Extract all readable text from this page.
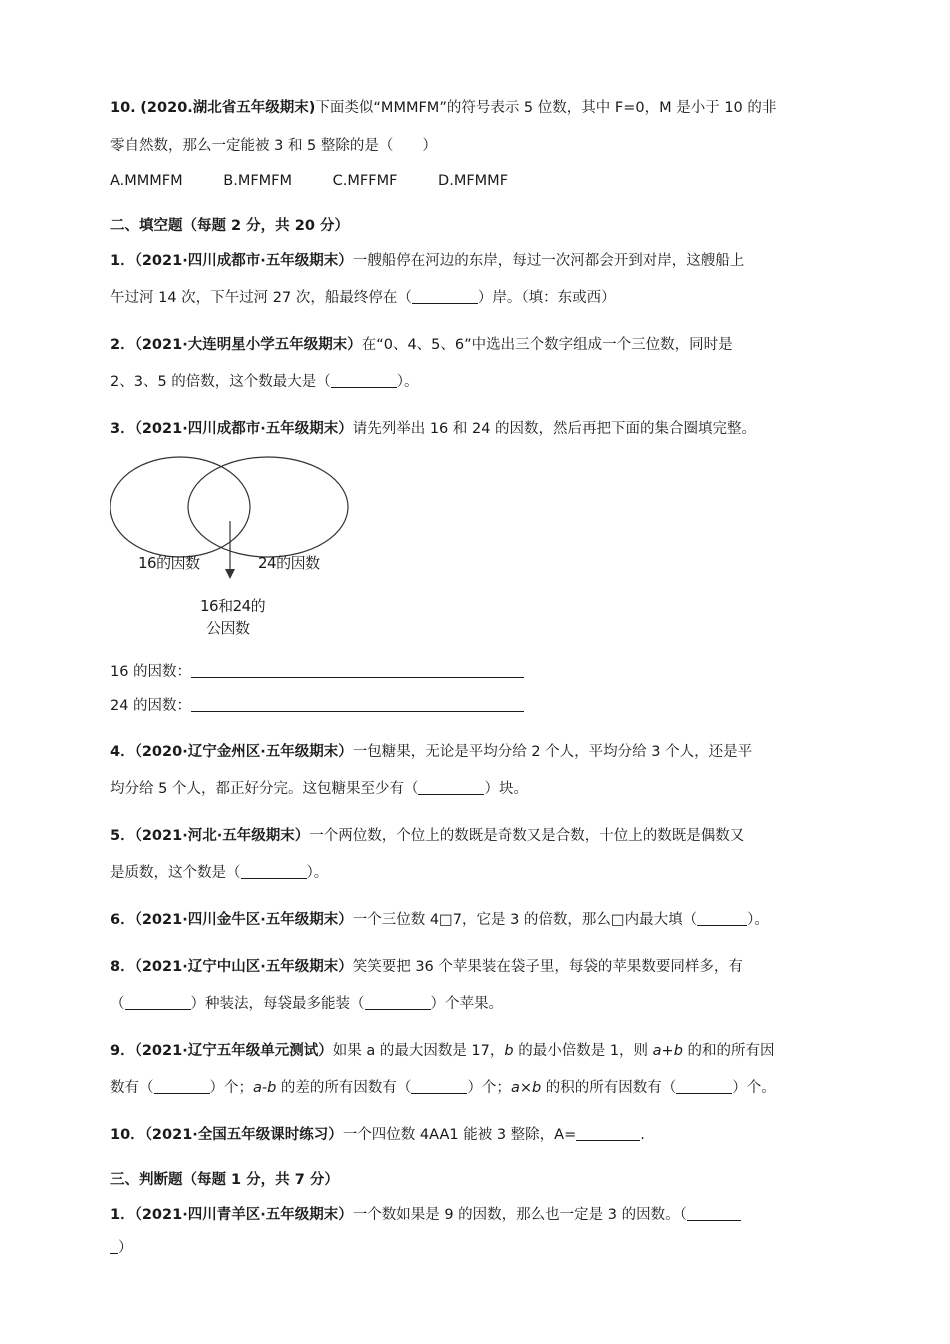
10. (2020.湖北省五年级期末)下面类似“MMMFM”的符号表示 5 位数，其中 F=0，M 是小于 10 的非
零自然数，那么一定能被 3 和 5 整除的是（　　）
A.MMMFM	B.MFMFM	C.MFFMF	D.MFMMF
二、填空题（每题 2 分，共 20 分）
1．（2021·四川成都市·五年级期末）一艘船停在河边的东岸，每过一次河都会开到对岸，这艘船上
午过河 14 次，下午过河 27 次，船最终停在（	）岸。（填：东或西）
2．（2021·大连明星小学五年级期末）在“0、4、5、6”中选出三个数字组成一个三位数，同时是
2、3、5 的倍数，这个数最大是（	）。
3．（2021·四川成都市·五年级期末）请先列举出 16 和 24 的因数，然后再把下面的集合圈填完整。
16的因数	24的因数
16和24的
公因数
16 的因数：
24 的因数：
4．（2020·辽宁金州区·五年级期末）一包糖果，无论是平均分给 2 个人，平均分给 3 个人，还是平
均分给 5 个人，都正好分完。这包糖果至少有（	）块。
5．（2021·河北·五年级期末）一个两位数，个位上的数既是奇数又是合数，十位上的数既是偶数又
是质数，这个数是（	）。
6．（2021·四川金牛区·五年级期末）一个三位数 4□7，它是 3 的倍数，那么□内最大填（	）。
8．（2021·辽宁中山区·五年级期末）笑笑要把 36 个苹果装在袋子里，每袋的苹果数要同样多，有
（	）种装法，每袋最多能装（	）个苹果。
9．（2021·辽宁五年级单元测试）如果 a 的最大因数是 17，b 的最小倍数是 1，则 a+b 的和的所有因
数有（	）个；a-b 的差的所有因数有（	）个；a×b 的积的所有因数有（	）个。
10．（2021·全国五年级课时练习）一个四位数 4AA1 能被 3 整除，A=	.
三、判断题（每题 1 分，共 7 分）
1．（2021·四川青羊区·五年级期末）一个数如果是 9 的因数，那么也一定是 3 的因数。（
）
